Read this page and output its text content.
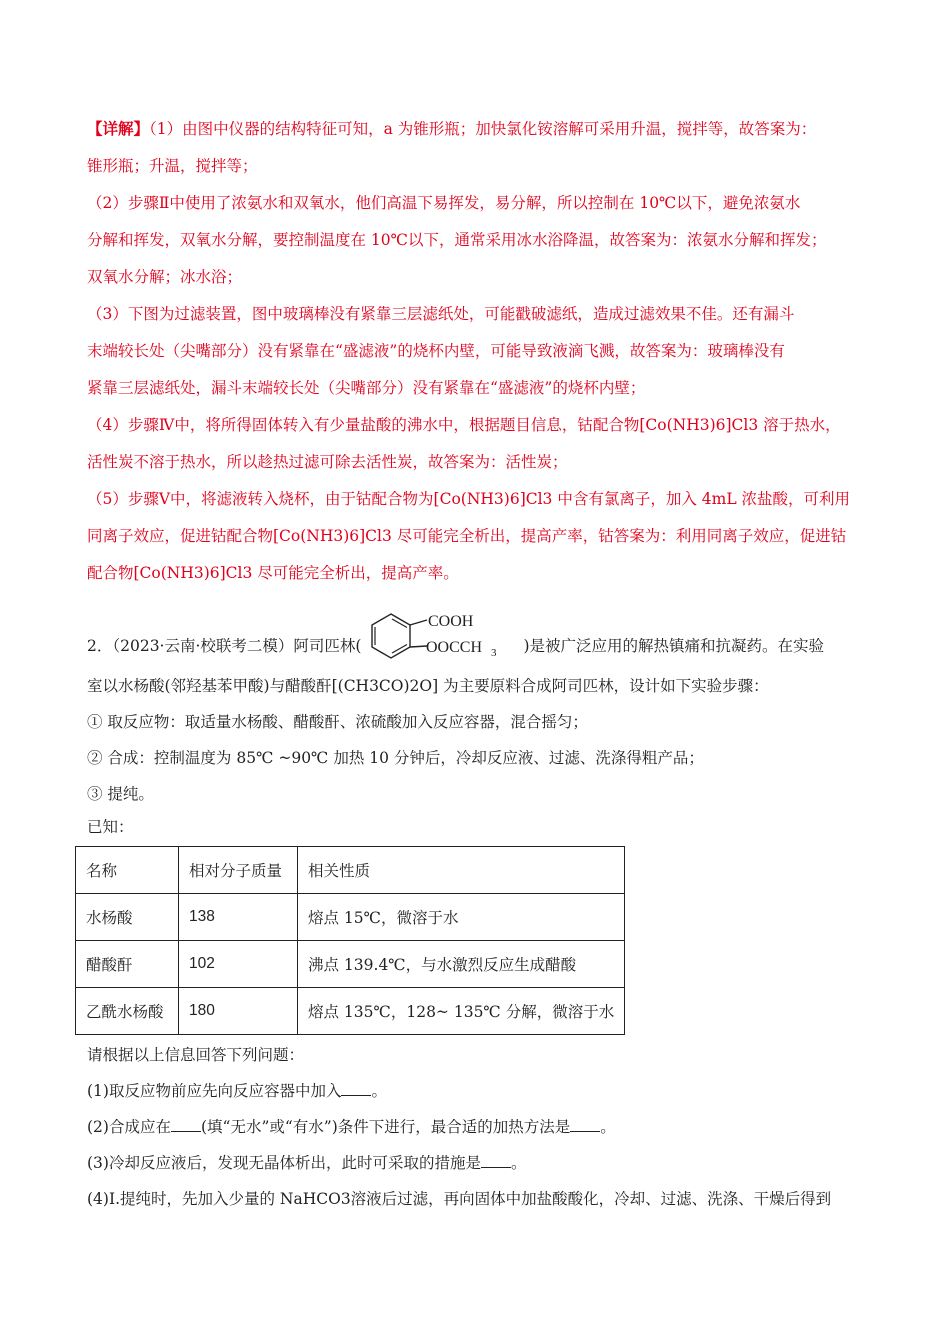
【详解】（1）由图中仪器的结构特征可知，a 为锥形瓶；加快氯化铵溶解可采用升温，搅拌等，故答案为：

锥形瓶；升温，搅拌等；

（2）步骤Ⅱ中使用了浓氨水和双氧水，他们高温下易挥发，易分解，所以控制在 10℃以下，避免浓氨水

分解和挥发，双氧水分解，要控制温度在 10℃以下，通常采用冰水浴降温，故答案为：浓氨水分解和挥发；

双氧水分解；冰水浴；

（3）下图为过滤装置，图中玻璃棒没有紧靠三层滤纸处，可能戳破滤纸，造成过滤效果不佳。还有漏斗

末端较长处（尖嘴部分）没有紧靠在“盛滤液”的烧杯内壁，可能导致液滴飞溅，故答案为：玻璃棒没有

紧靠三层滤纸处，漏斗末端较长处（尖嘴部分）没有紧靠在“盛滤液”的烧杯内壁；

（4）步骤Ⅳ中，将所得固体转入有少量盐酸的沸水中，根据题目信息，钴配合物[Co(NH3)6]Cl3 溶于热水，

活性炭不溶于热水，所以趁热过滤可除去活性炭，故答案为：活性炭；

（5）步骤Ⅴ中，将滤液转入烧杯，由于钴配合物为[Co(NH3)6]Cl3 中含有氯离子，加入 4mL 浓盐酸，可利用

同离子效应，促进钴配合物[Co(NH3)6]Cl3 尽可能完全析出，提高产率，钴答案为：利用同离子效应，促进钴

配合物[Co(NH3)6]Cl3 尽可能完全析出，提高产率。

2．（2023·云南·校联考二模）阿司匹林(
COOH
OOCCH 3 )是被广泛应用的解热镇痛和抗凝药。在实验

室以水杨酸(邻羟基苯甲酸)与醋酸酐[(CH3CO)2O] 为主要原料合成阿司匹林，设计如下实验步骤：

① 取反应物：取适量水杨酸、醋酸酐、浓硫酸加入反应容器，混合摇匀；

② 合成：控制温度为 85℃ ~90℃ 加热 10 分钟后，冷却反应液、过滤、洗涤得粗产品；

③ 提纯。

已知：

名称	相对分子质量	相关性质
水杨酸	138	熔点 15℃，微溶于水
醋酸酐	102	沸点 139.4℃，与水激烈反应生成醋酸
乙酰水杨酸	180	熔点 135℃，128~ 135℃ 分解，微溶于水

请根据以上信息回答下列问题：

(1)取反应物前应先向反应容器中加入 。

(2)合成应在 (填“无水”或“有水”)条件下进行，最合适的加热方法是 。

(3)冷却反应液后，发现无晶体析出，此时可采取的措施是 。

(4)Ⅰ.提纯时，先加入少量的 NaHCO3溶液后过滤，再向固体中加盐酸酸化，冷却、过滤、洗涤、干燥后得到
